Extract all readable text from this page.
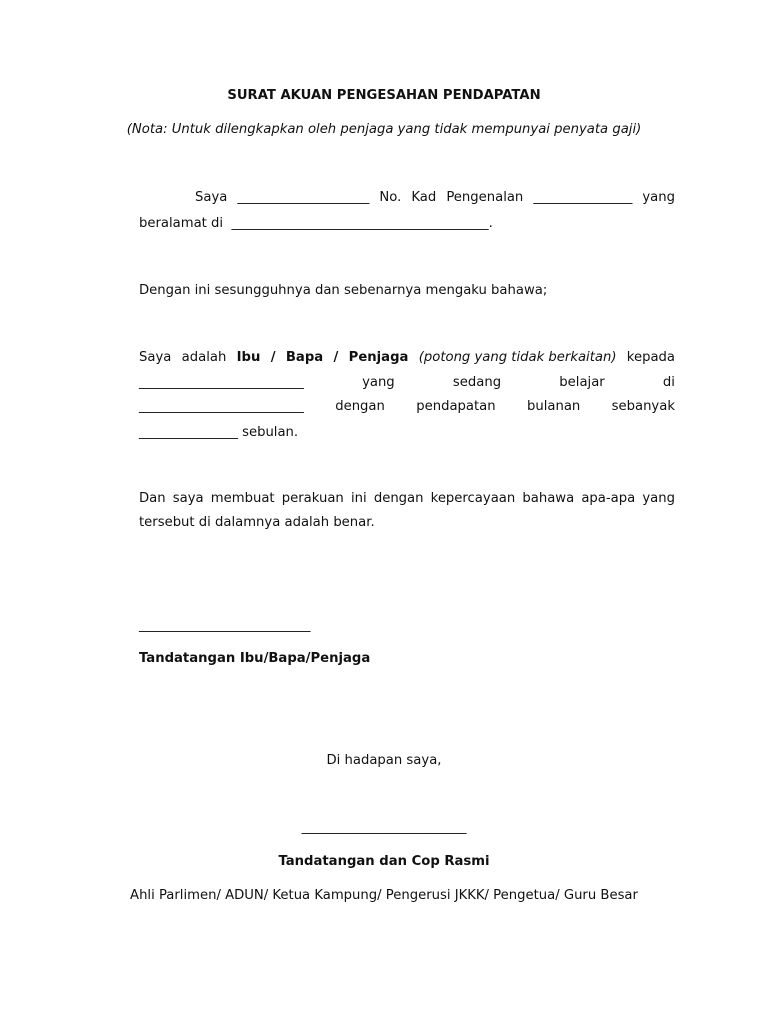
SURAT AKUAN PENGESAHAN PENDAPATAN
(Nota: Untuk dilengkapkan oleh penjaga yang tidak mempunyai penyata gaji)
Saya ____________________ No. Kad Pengenalan _______________ yang
beralamat di  _______________________________________.
Dengan ini sesungguhnya dan sebenarnya mengaku bahawa;
Saya adalah Ibu / Bapa / Penjaga (potong yang tidak berkaitan) kepada
_________________________	yang	sedang	belajar	di
_________________________ dengan pendapatan bulanan sebanyak
_______________ sebulan.
Dan saya membuat perakuan ini dengan kepercayaan bahawa apa-apa yang
tersebut di dalamnya adalah benar.
__________________________
Tandatangan Ibu/Bapa/Penjaga
Di hadapan saya,
_________________________
Tandatangan dan Cop Rasmi
Ahli Parlimen/ ADUN/ Ketua Kampung/ Pengerusi JKKK/ Pengetua/ Guru Besar
